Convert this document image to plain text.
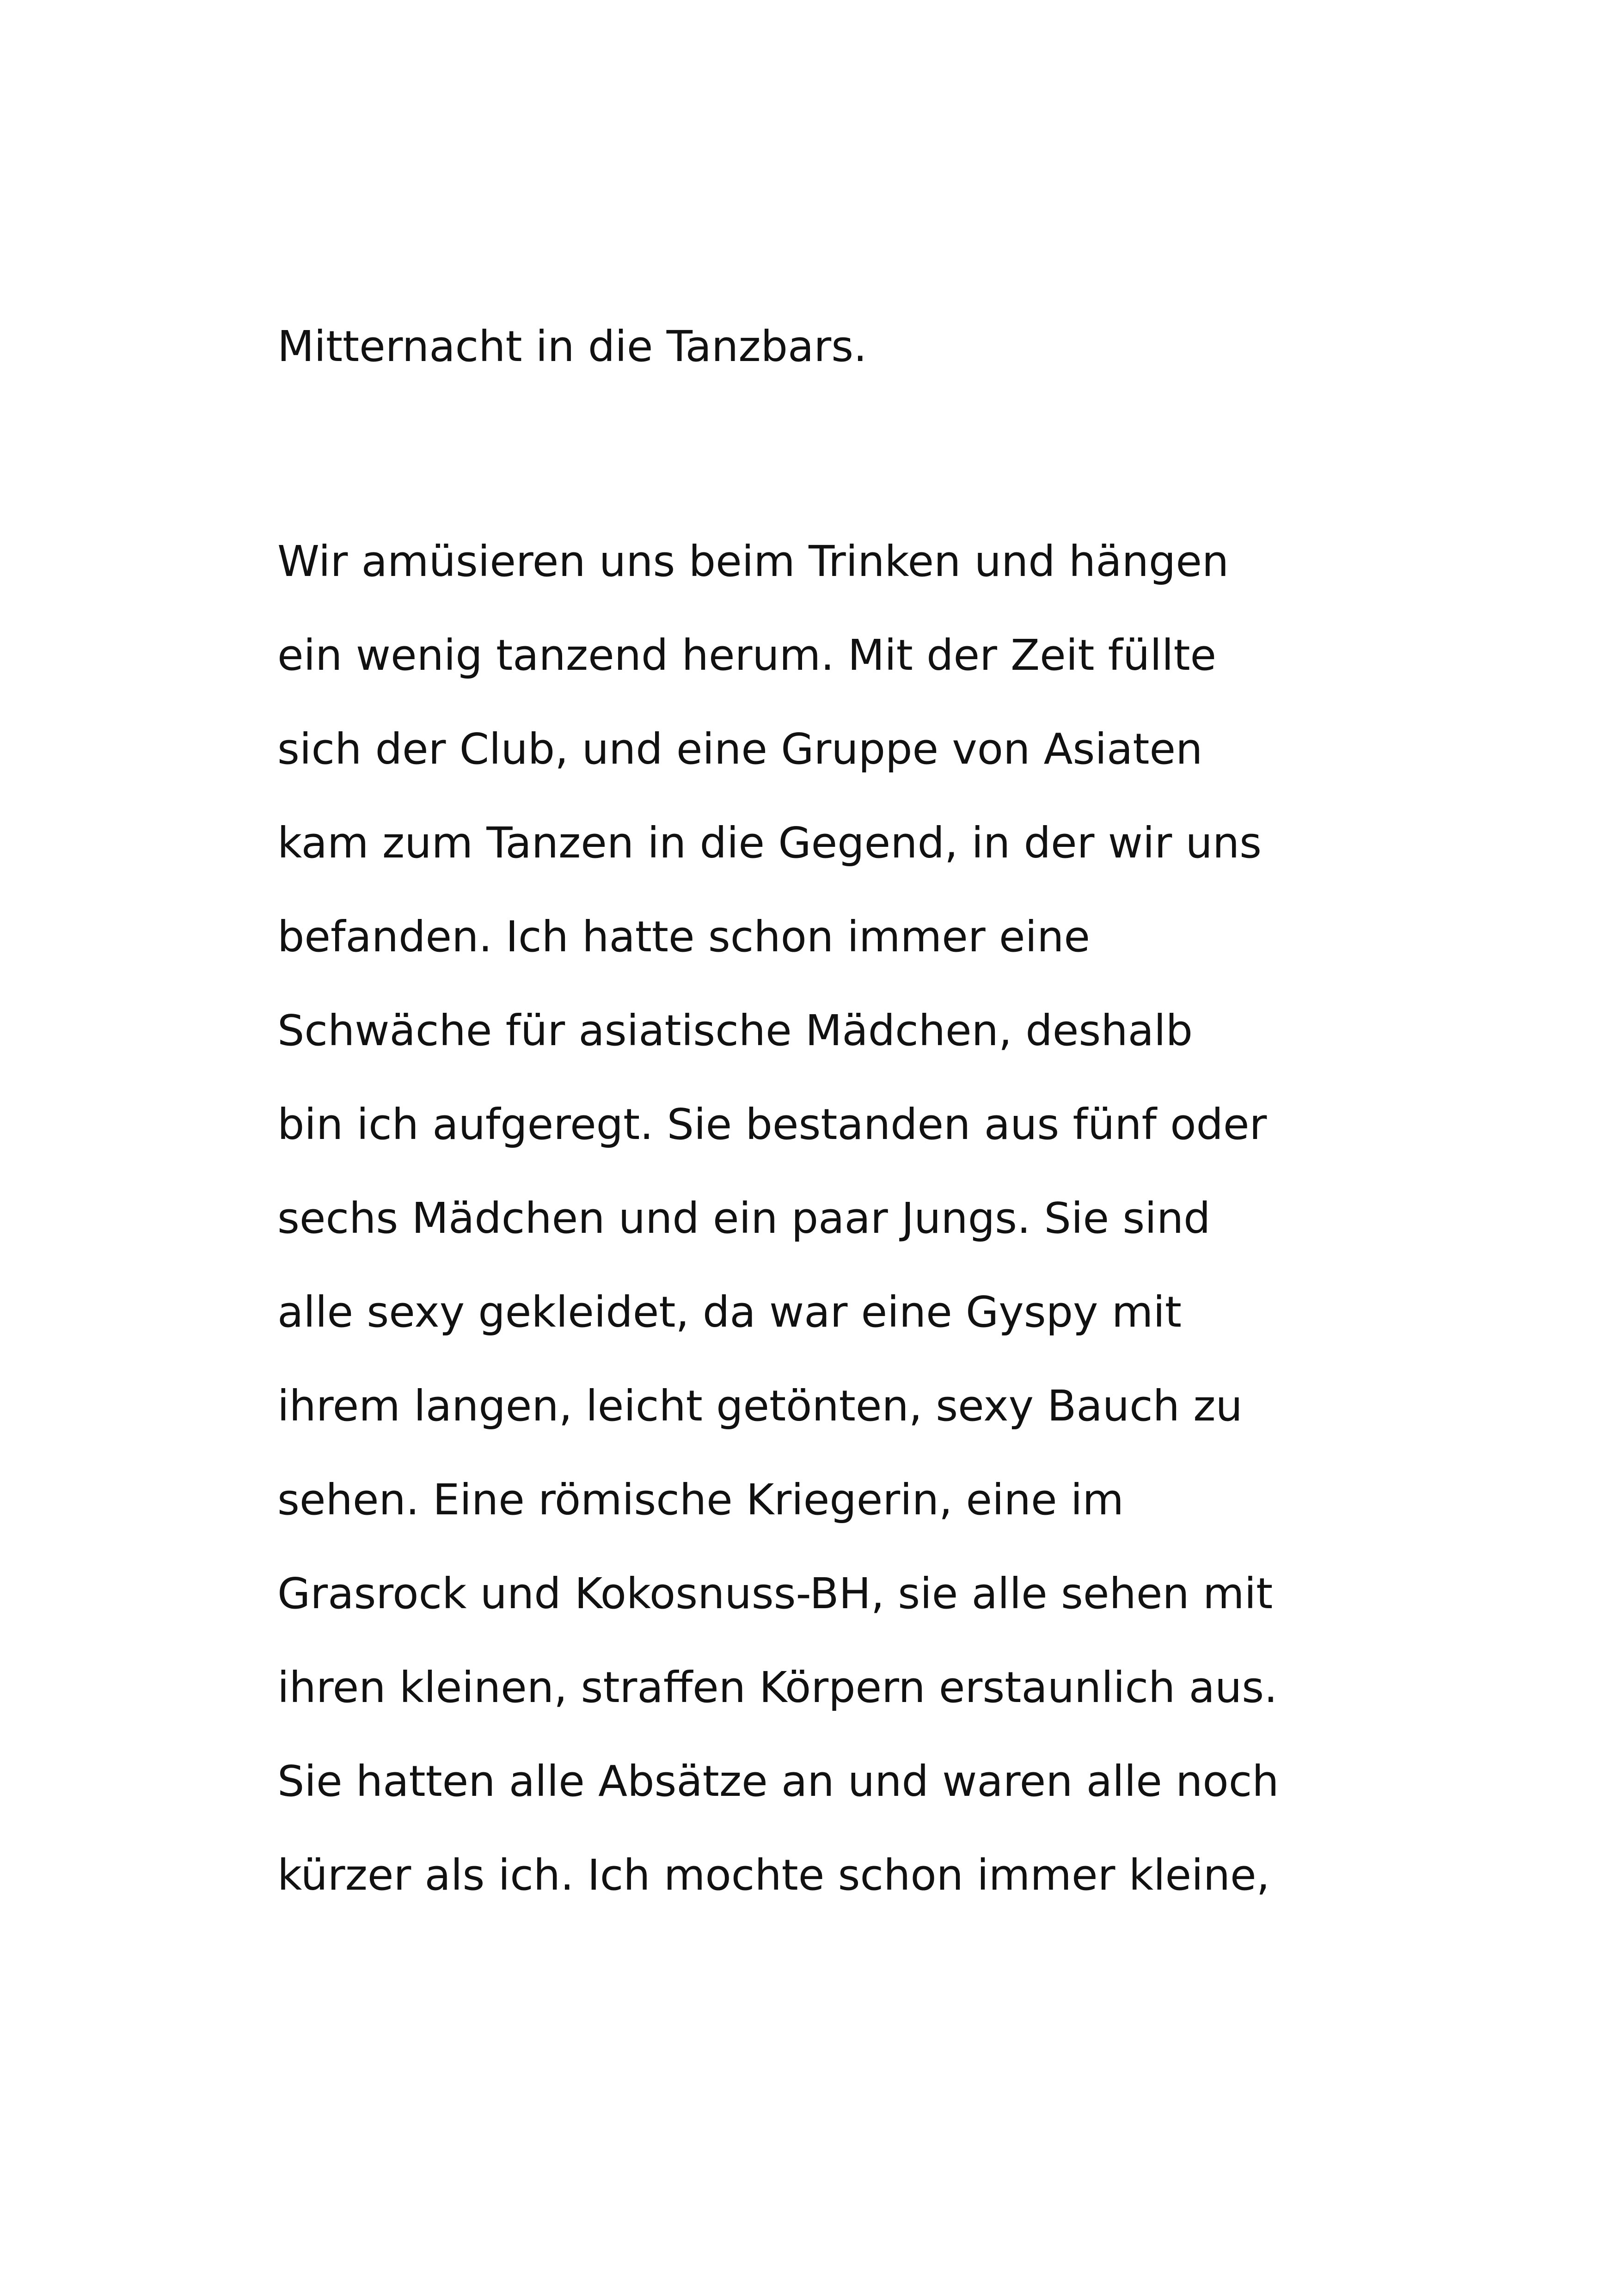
Mitternacht in die Tanzbars.
Wir amüsieren uns beim Trinken und hängen
ein wenig tanzend herum. Mit der Zeit füllte
sich der Club, und eine Gruppe von Asiaten
kam zum Tanzen in die Gegend, in der wir uns
befanden. Ich hatte schon immer eine
Schwäche für asiatische Mädchen, deshalb
bin ich aufgeregt. Sie bestanden aus fünf oder
sechs Mädchen und ein paar Jungs. Sie sind
alle sexy gekleidet, da war eine Gyspy mit
ihrem langen, leicht getönten, sexy Bauch zu
sehen. Eine römische Kriegerin, eine im
Grasrock und Kokosnuss-BH, sie alle sehen mit
ihren kleinen, straffen Körpern erstaunlich aus.
Sie hatten alle Absätze an und waren alle noch
kürzer als ich. Ich mochte schon immer kleine,
